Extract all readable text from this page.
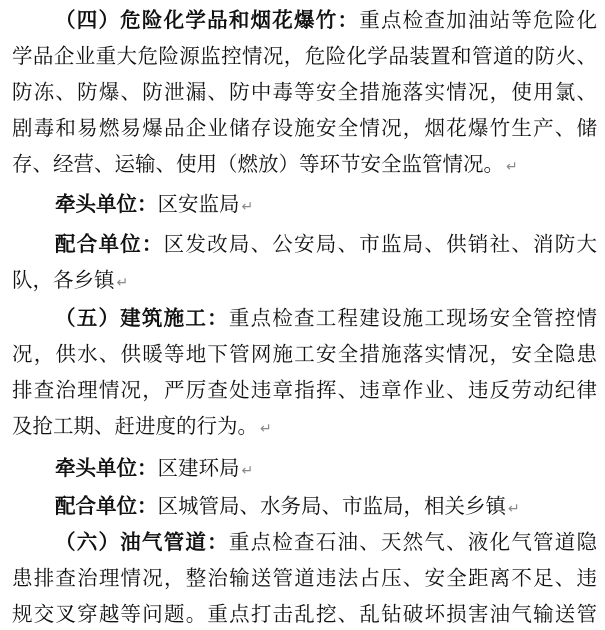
（四）危险化学品和烟花爆竹：重点检查加油站等危险化
学品企业重大危险源监控情况，危险化学品装置和管道的防火、
防冻、防爆、防泄漏、防中毒等安全措施落实情况，使用氯、
剧毒和易燃易爆品企业储存设施安全情况，烟花爆竹生产、储
存、经营、运输、使用（燃放）等环节安全监管情况。 ↵
牵头单位：区安监局 ↵
配合单位：区发改局、公安局、市监局、供销社、消防大
队，各乡镇 ↵
（五）建筑施工：重点检查工程建设施工现场安全管控情
况，供水、供暖等地下管网施工安全措施落实情况，安全隐患
排查治理情况，严厉查处违章指挥、违章作业、违反劳动纪律
及抢工期、赶进度的行为。 ↵
牵头单位：区建环局 ↵
配合单位：区城管局、水务局、市监局，相关乡镇 ↵
（六）油气管道：重点检查石油、天然气、液化气管道隐
患排查治理情况，整治输送管道违法占压、安全距离不足、违
规交叉穿越等问题。重点打击乱挖、乱钻破坏损害油气输送管
